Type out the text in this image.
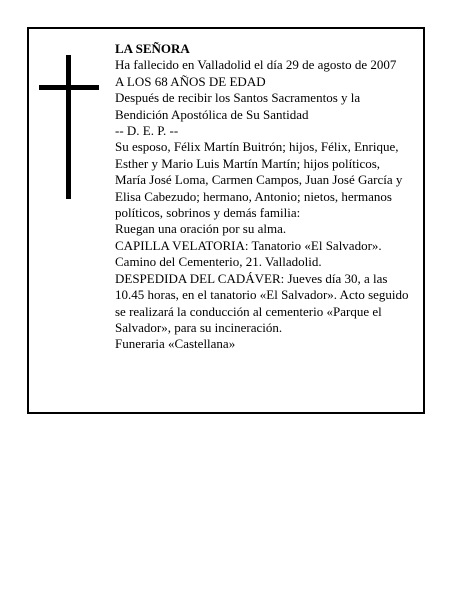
LA SEÑORA
Ha fallecido en Valladolid el día 29 de agosto de 2007
A LOS 68 AÑOS DE EDAD
Después de recibir los Santos Sacramentos y la
Bendición Apostólica de Su Santidad
-- D. E. P. --
Su esposo, Félix Martín Buitrón; hijos, Félix, Enrique,
Esther y Mario Luis Martín Martín; hijos políticos,
María José Loma, Carmen Campos, Juan José García y
Elisa Cabezudo; hermano, Antonio; nietos, hermanos
políticos, sobrinos y demás familia:
Ruegan una oración por su alma.
CAPILLA VELATORIA: Tanatorio «El Salvador».
Camino del Cementerio, 21. Valladolid.
DESPEDIDA DEL CADÁVER: Jueves día 30, a las
10.45 horas, en el tanatorio «El Salvador». Acto seguido
se realizará la conducción al cementerio «Parque el
Salvador», para su incineración.
Funeraria «Castellana»
